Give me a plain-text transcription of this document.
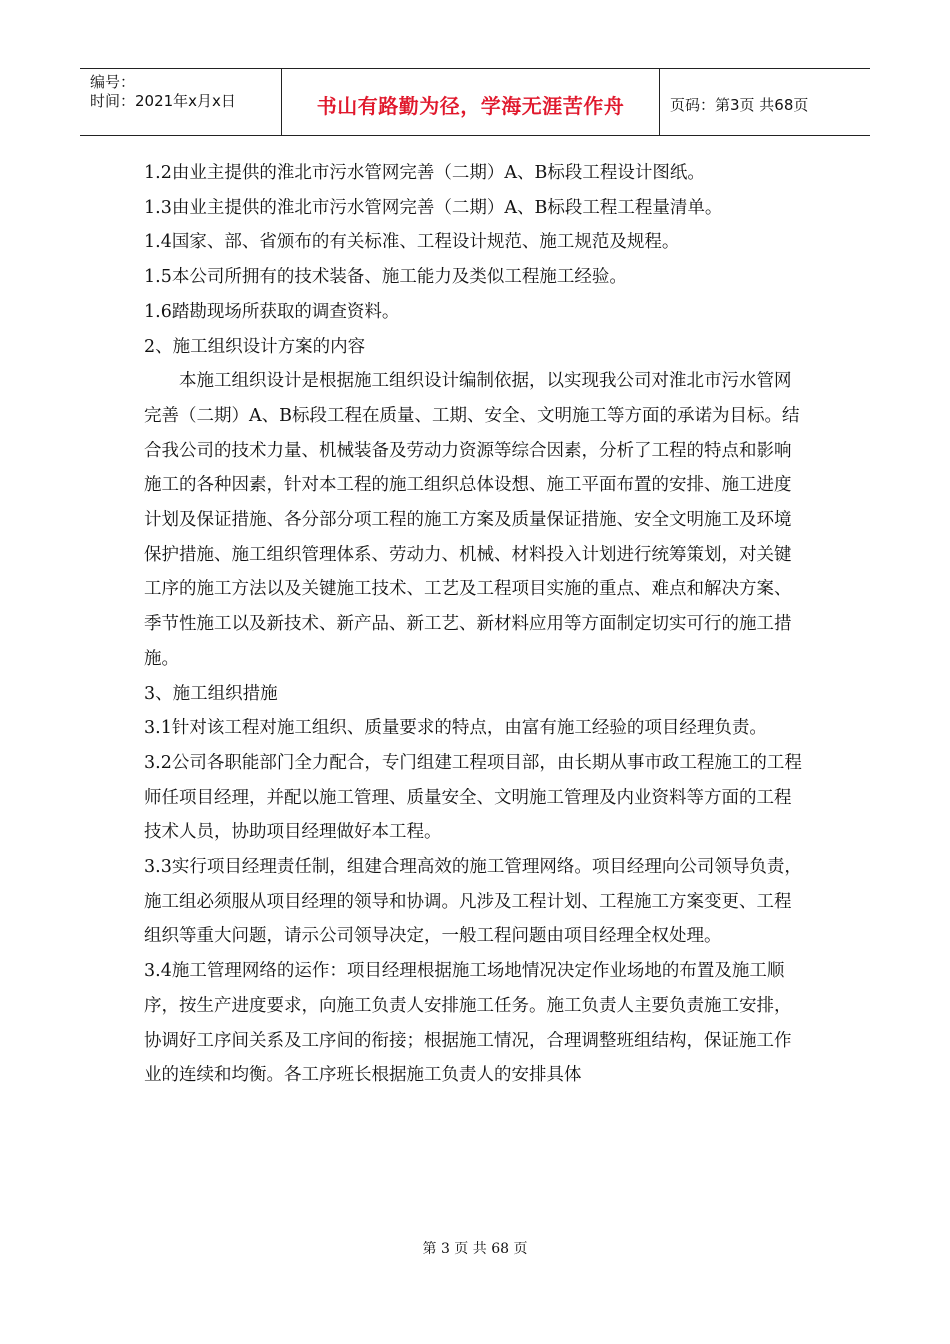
编号：
时间：2021年x月x日	书山有路勤为径，学海无涯苦作舟	页码：第3页 共68页

1.2由业主提供的淮北市污水管网完善（二期）A、B标段工程设计图纸。

1.3由业主提供的淮北市污水管网完善（二期）A、B标段工程工程量清单。

1.4国家、部、省颁布的有关标准、工程设计规范、施工规范及规程。

1.5本公司所拥有的技术装备、施工能力及类似工程施工经验。

1.6踏勘现场所获取的调查资料。

2、施工组织设计方案的内容

本施工组织设计是根据施工组织设计编制依据，以实现我公司对淮北市污水管网完善（二期）A、B标段工程在质量、工期、安全、文明施工等方面的承诺为目标。结合我公司的技术力量、机械装备及劳动力资源等综合因素，分析了工程的特点和影响施工的各种因素，针对本工程的施工组织总体设想、施工平面布置的安排、施工进度计划及保证措施、各分部分项工程的施工方案及质量保证措施、安全文明施工及环境保护措施、施工组织管理体系、劳动力、机械、材料投入计划进行统筹策划，对关键工序的施工方法以及关键施工技术、工艺及工程项目实施的重点、难点和解决方案、季节性施工以及新技术、新产品、新工艺、新材料应用等方面制定切实可行的施工措施。

3、施工组织措施

3.1针对该工程对施工组织、质量要求的特点，由富有施工经验的项目经理负责。

3.2公司各职能部门全力配合，专门组建工程项目部，由长期从事市政工程施工的工程师任项目经理，并配以施工管理、质量安全、文明施工管理及内业资料等方面的工程技术人员，协助项目经理做好本工程。

3.3实行项目经理责任制，组建合理高效的施工管理网络。项目经理向公司领导负责，施工组必须服从项目经理的领导和协调。凡涉及工程计划、工程施工方案变更、工程组织等重大问题，请示公司领导决定，一般工程问题由项目经理全权处理。

3.4施工管理网络的运作：项目经理根据施工场地情况决定作业场地的布置及施工顺序，按生产进度要求，向施工负责人安排施工任务。施工负责人主要负责施工安排，协调好工序间关系及工序间的衔接；根据施工情况，合理调整班组结构，保证施工作业的连续和均衡。各工序班长根据施工负责人的安排具体

第 3 页 共 68 页
